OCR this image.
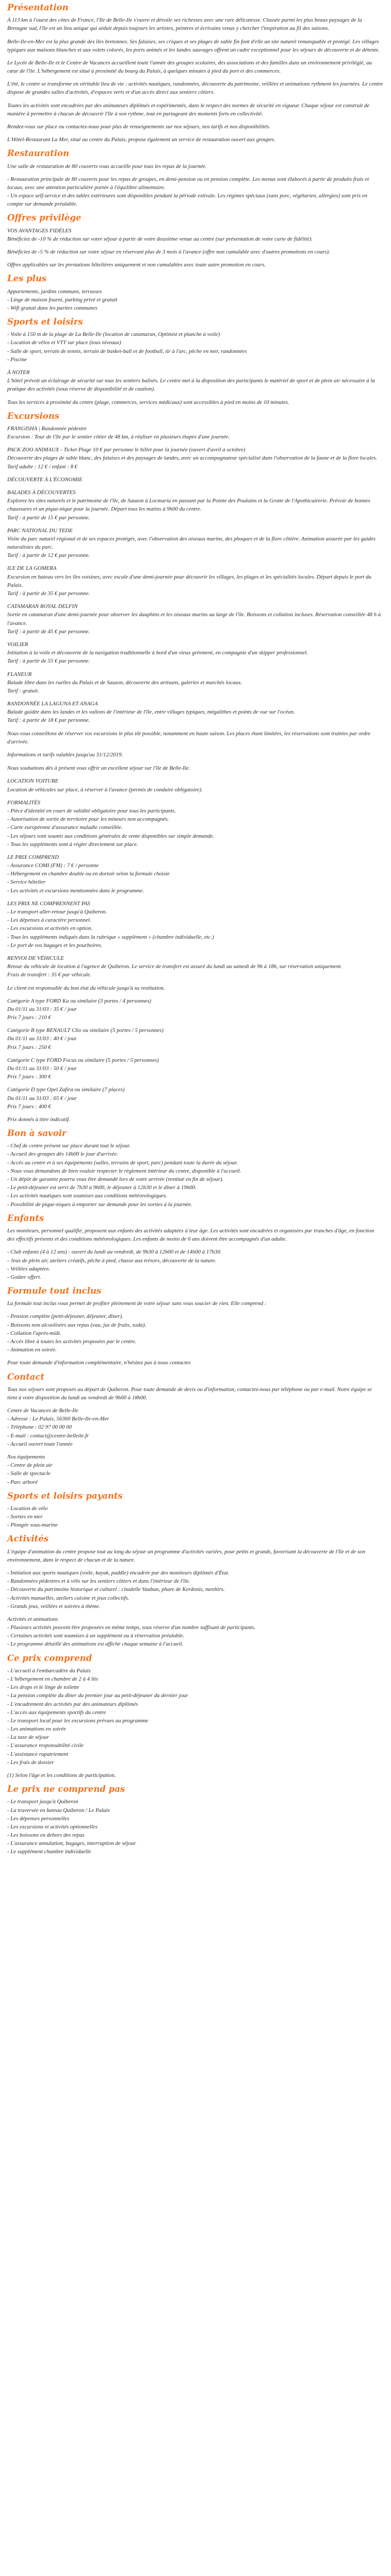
Présentation

À 113 km à l'ouest des côtes de France, l'Ile de Belle-Ile s'ouvre et dévoile ses richesses avec une rare délicatesse. Classée parmi les plus beaux paysages de la Bretagne sud, l'île est un lieu unique qui séduit depuis toujours les artistes, peintres et écrivains venus y chercher l'inspiration au fil des saisons.

Belle-Ile-en-Mer est la plus grande des îles bretonnes. Ses falaises, ses criques et ses plages de sable fin font d'elle un site naturel remarquable et protégé. Les villages typiques aux maisons blanches et aux volets colorés, les ports animés et les landes sauvages offrent un cadre exceptionnel pour les séjours de découverte et de détente.

Le Lycée de Belle-Ile et le Centre de Vacances accueillent toute l'année des groupes scolaires, des associations et des familles dans un environnement privilégié, au cœur de l'île. L'hébergement est situé à proximité du bourg du Palais, à quelques minutes à pied du port et des commerces.

L'été, le centre se transforme en véritable lieu de vie : activités nautiques, randonnées, découverte du patrimoine, veillées et animations rythment les journées. Le centre dispose de grandes salles d'activités, d'espaces verts et d'un accès direct aux sentiers côtiers.

Toutes les activités sont encadrées par des animateurs diplômés et expérimentés, dans le respect des normes de sécurité en vigueur. Chaque séjour est construit de manière à permettre à chacun de découvrir l'île à son rythme, tout en partageant des moments forts en collectivité.

Rendez-vous sur place ou contactez-nous pour plus de renseignements sur nos séjours, nos tarifs et nos disponibilités.

L'Hôtel-Restaurant La Mer, situé au centre du Palais, propose également un service de restauration ouvert aux groupes.

Restauration

Une salle de restauration de 80 couverts vous accueille pour tous les repas de la journée.

- Restauration principale de 80 couverts pour les repas de groupes, en demi-pension ou en pension complète. Les menus sont élaborés à partir de produits frais et locaux, avec une attention particulière portée à l'équilibre alimentaire.
- Un espace self-service et des tables extérieures sont disponibles pendant la période estivale. Les régimes spéciaux (sans porc, végétarien, allergies) sont pris en compte sur demande préalable.

Offres privilège

VOS AVANTAGES FIDÈLES
Bénéficiez de -10 % de réduction sur votre séjour à partir de votre deuxième venue au centre (sur présentation de votre carte de fidélité).

Bénéficiez de -5 % de réduction sur votre séjour en réservant plus de 3 mois à l'avance (offre non cumulable avec d'autres promotions en cours).

Offres applicables sur les prestations hôtelières uniquement et non cumulables avec toute autre promotion en cours.

Les plus

Appartements, jardins communs, terrasses
- Linge de maison fourni, parking privé et gratuit
- Wifi gratuit dans les parties communes

Sports et loisirs

- Voile à 150 m de la plage de La Belle-Ile (location de catamaran, Optimist et planche à voile)
- Location de vélos et VTT sur place (tous niveaux)
- Salle de sport, terrain de tennis, terrain de basket-ball et de football, tir à l'arc, pêche en mer, randonnées
- Piscine

À NOTER
L'hôtel prévoit un éclairage de sécurité sur tous les sentiers balisés. Le centre met à la disposition des participants le matériel de sport et de plein air nécessaire à la pratique des activités (sous réserve de disponibilité et de caution).

Tous les services à proximité du centre (plage, commerces, services médicaux) sont accessibles à pied en moins de 10 minutes.

Excursions

FRANGISHA | Randonnée pédestre
Excursion : Tour de l'île par le sentier côtier de 48 km, à réaliser en plusieurs étapes d'une journée.

PACK ZOO ANIMAUX - Ticket Plage 10 € par personne le billet pour la journée (ouvert d'avril à octobre)
Découverte des plages de sable blanc, des falaises et des paysages de landes, avec un accompagnateur spécialisé dans l'observation de la faune et de la flore locales. Tarif adulte : 12 € / enfant : 8 €

DÉCOUVERTE À L'ÉCONOMIE

BALADES À DÉCOUVERTES
Explorez les sites naturels et le patrimoine de l'île, de Sauzon à Locmaria en passant par la Pointe des Poulains et la Grotte de l'Apothicairerie. Prévoir de bonnes chaussures et un pique-nique pour la journée. Départ tous les matins à 9h00 du centre.
Tarif : à partir de 15 € par personne.

PARC NATIONAL DU TEDE
Visite du parc naturel régional et de ses espaces protégés, avec l'observation des oiseaux marins, des phoques et de la flore côtière. Animation assurée par les guides naturalistes du parc.
Tarif : à partir de 12 € par personne.

ILE DE LA GOMERA
Excursion en bateau vers les îles voisines, avec escale d'une demi-journée pour découvrir les villages, les plages et les spécialités locales. Départ depuis le port du Palais.
Tarif : à partir de 35 € par personne.

CATAMARAN ROYAL DELFIN
Sortie en catamaran d'une demi-journée pour observer les dauphins et les oiseaux marins au large de l'île. Boissons et collation incluses. Réservation conseillée 48 h à l'avance.
Tarif : à partir de 45 € par personne.

VOILIER
Initiation à la voile et découverte de la navigation traditionnelle à bord d'un vieux gréement, en compagnie d'un skipper professionnel.
Tarif : à partir de 55 € par personne.

FLANEUR
Balade libre dans les ruelles du Palais et de Sauzon, découverte des artisans, galeries et marchés locaux.
Tarif : gratuit.

RANDONNÉE LA LAGUNA ET ANAGA
Balade guidée dans les landes et les vallons de l'intérieur de l'île, entre villages typiques, mégalithes et points de vue sur l'océan.
Tarif : à partir de 18 € par personne.

Nous vous conseillons de réserver vos excursions le plus tôt possible, notamment en haute saison. Les places étant limitées, les réservations sont traitées par ordre d'arrivée.

Informations et tarifs valables jusqu'au 31/12/2019.

Nous souhaitons dès à présent vous offrir un excellent séjour sur l'île de Belle-Ile.

LOCATION VOITURE
Location de véhicules sur place, à réserver à l'avance (permis de conduire obligatoire).

FORMALITÉS
- Pièce d'identité en cours de validité obligatoire pour tous les participants.
- Autorisation de sortie de territoire pour les mineurs non accompagnés.
- Carte européenne d'assurance maladie conseillée.
- Les séjours sont soumis aux conditions générales de vente disponibles sur simple demande.
- Tous les suppléments sont à régler directement sur place.

LE PRIX COMPREND
- Assurance COMI (FM) : 7 € / personne
- Hébergement en chambre double ou en dortoir selon la formule choisie
- Service hôtelier
- Les activités et excursions mentionnées dans le programme.

LES PRIX NE COMPRENNENT PAS
- Le transport aller-retour jusqu'à Quiberon.
- Les dépenses à caractère personnel.
- Les excursions et activités en option.
- Tous les suppléments indiqués dans la rubrique « supplément » (chambre individuelle, etc.)
- Le port de vos bagages et les pourboires.

RENVOI DE VÉHICULE
Retour du véhicule de location à l'agence de Quiberon. Le service de transfert est assuré du lundi au samedi de 9h à 18h, sur réservation uniquement.
Frais de transfert : 35 € par véhicule.

Le client est responsable du bon état du véhicule jusqu'à sa restitution.

Catégorie A type FORD Ka ou similaire (3 portes / 4 personnes)
Du 01/11 au 31/03 : 35 € / jour
Prix 7 jours : 210 €

Catégorie B type RENAULT Clio ou similaire (5 portes / 5 personnes)
Du 01/11 au 31/03 : 40 € / jour
Prix 7 jours : 250 €

Catégorie C type FORD Focus ou similaire (5 portes / 5 personnes)
Du 01/11 au 31/03 : 50 € / jour
Prix 7 jours : 300 €

Catégorie D type Opel Zafira ou similaire (7 places)
Du 01/11 au 31/03 : 65 € / jour
Prix 7 jours : 400 €

Prix donnés à titre indicatif.

Bon à savoir

- Chef de centre présent sur place durant tout le séjour.
- Accueil des groupes dès 14h00 le jour d'arrivée.
- Accès au centre et à ses équipements (salles, terrains de sport, parc) pendant toute la durée du séjour.
- Nous vous demandons de bien vouloir respecter le règlement intérieur du centre, disponible à l'accueil.
- Un dépôt de garantie pourra vous être demandé lors de votre arrivée (restitué en fin de séjour).
- Le petit-déjeuner est servi de 7h30 à 9h00, le déjeuner à 12h30 et le dîner à 19h00.
- Les activités nautiques sont soumises aux conditions météorologiques.
- Possibilité de pique-niques à emporter sur demande pour les sorties à la journée.

Enfants

Les moniteurs, personnel qualifié, proposent aux enfants des activités adaptées à leur âge. Les activités sont encadrées et organisées par tranches d'âge, en fonction des effectifs présents et des conditions météorologiques. Les enfants de moins de 6 ans doivent être accompagnés d'un adulte.

- Club enfants (4 à 12 ans) : ouvert du lundi au vendredi, de 9h30 à 12h00 et de 14h00 à 17h30.
- Jeux de plein air, ateliers créatifs, pêche à pied, chasse aux trésors, découverte de la nature.
- Veillées adaptées.
- Goûter offert.

Formule tout inclus

La formule tout inclus vous permet de profiter pleinement de votre séjour sans vous soucier de rien. Elle comprend :

- Pension complète (petit-déjeuner, déjeuner, dîner).
- Boissons non alcoolisées aux repas (eau, jus de fruits, soda).
- Collation l'après-midi.
- Accès libre à toutes les activités proposées par le centre.
- Animation en soirée.

Pour toute demande d'information complémentaire, n'hésitez pas à nous contacter.

Contact

Tous nos séjours sont proposés au départ de Quiberon. Pour toute demande de devis ou d'information, contactez-nous par téléphone ou par e-mail. Notre équipe se tient à votre disposition du lundi au vendredi de 9h00 à 18h00.

Centre de Vacances de Belle-Ile
- Adresse : Le Palais, 56360 Belle-Ile-en-Mer
- Téléphone : 02 97 00 00 00
- E-mail : contact@centre-belleile.fr
- Accueil ouvert toute l'année

Nos équipements
- Centre de plein air
- Salle de spectacle
- Parc arboré

Sports et loisirs payants

- Location de vélo
- Sorties en mer
- Plongée sous-marine

Activités

L'équipe d'animation du centre propose tout au long du séjour un programme d'activités variées, pour petits et grands, favorisant la découverte de l'île et de son environnement, dans le respect de chacun et de la nature.

- Initiation aux sports nautiques (voile, kayak, paddle) encadrée par des moniteurs diplômés d'État.
- Randonnées pédestres et à vélo sur les sentiers côtiers et dans l'intérieur de l'île.
- Découverte du patrimoine historique et culturel : citadelle Vauban, phare de Kerdonis, menhirs.
- Activités manuelles, ateliers cuisine et jeux collectifs.
- Grands jeux, veillées et soirées à thème.

Activités et animations
- Plusieurs activités peuvent être proposées en même temps, sous réserve d'un nombre suffisant de participants.
- Certaines activités sont soumises à un supplément ou à réservation préalable.
- Le programme détaillé des animations est affiché chaque semaine à l'accueil.

Ce prix comprend

- L'accueil à l'embarcadère du Palais
- L'hébergement en chambre de 2 à 4 lits
- Les draps et le linge de toilette
- La pension complète du dîner du premier jour au petit-déjeuner du dernier jour
- L'encadrement des activités par des animateurs diplômés
- L'accès aux équipements sportifs du centre
- Le transport local pour les excursions prévues au programme
- Les animations en soirée
- La taxe de séjour
- L'assurance responsabilité civile
- L'assistance rapatriement
- Les frais de dossier

(1) Selon l'âge et les conditions de participation.

Le prix ne comprend pas

- Le transport jusqu'à Quiberon
- La traversée en bateau Quiberon / Le Palais
- Les dépenses personnelles
- Les excursions et activités optionnelles
- Les boissons en dehors des repas
- L'assurance annulation, bagages, interruption de séjour
- Le supplément chambre individuelle
